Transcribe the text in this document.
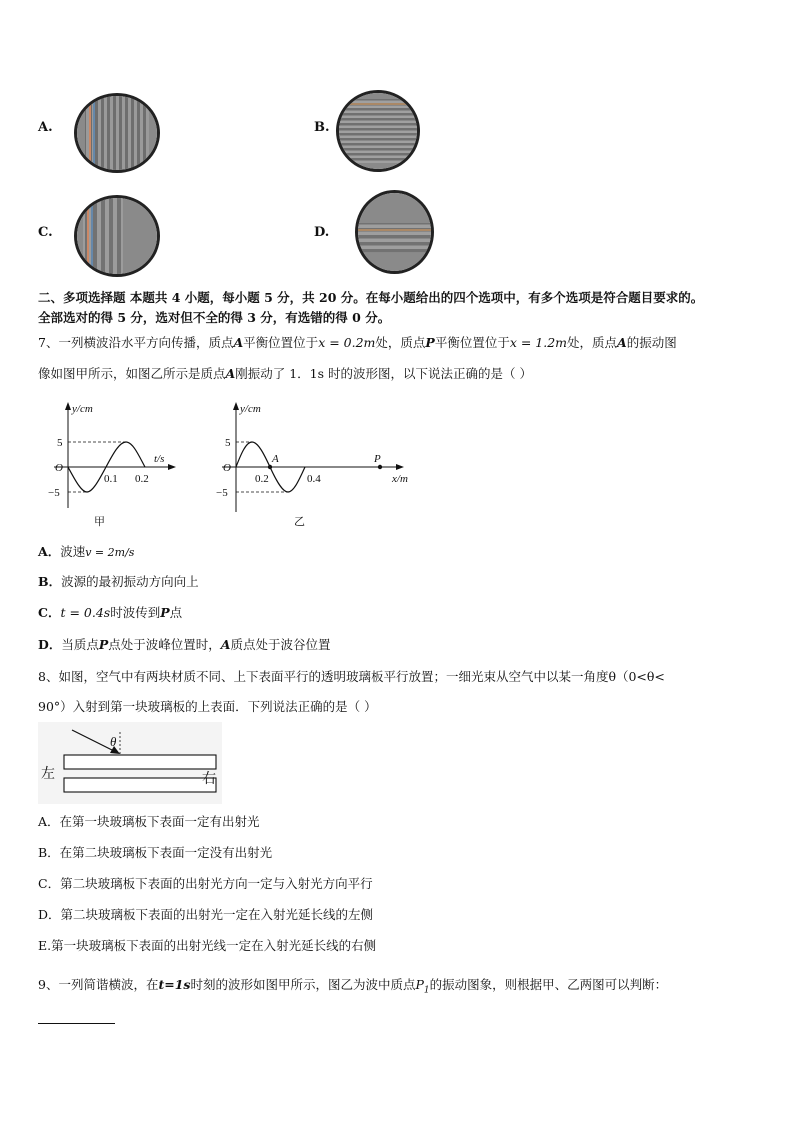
A.	B.
C.	D.
二、多项选择题 本题共 4 小题，每小题 5 分，共 20 分。在每小题给出的四个选项中，有多个选项是符合题目要求的。
全部选对的得 5 分，选对但不全的得 3 分，有选错的得 0 分。
7、一列横波沿水平方向传播，质点A平衡位置位于x = 0.2m处，质点P平衡位置位于x = 1.2m处，质点A的振动图
像如图甲所示，如图乙所示是质点A刚振动了 1．1s 时的波形图，以下说法正确的是（ ）
y/cm
t/s
O
5
−5
0.1 0.2
甲
y/cm
x/m
O
5
−5
0.2	0.4
A	P
乙
A．波速v = 2m/s
B．波源的最初振动方向向上
C．t = 0.4s时波传到P点
D．当质点P点处于波峰位置时，A质点处于波谷位置
8、如图，空气中有两块材质不同、上下表面平行的透明玻璃板平行放置；一细光束从空气中以某一角度θ（0<θ<
90°）入射到第一块玻璃板的上表面．下列说法正确的是（ ）
θ
左	右
A．在第一块玻璃板下表面一定有出射光
B．在第二块玻璃板下表面一定没有出射光
C．第二块玻璃板下表面的出射光方向一定与入射光方向平行
D．第二块玻璃板下表面的出射光一定在入射光延长线的左侧
E.第一块玻璃板下表面的出射光线一定在入射光延长线的右侧
9、一列简谐横波，在t=1s时刻的波形如图甲所示，图乙为波中质点$P_1$的振动图象，则根据甲、乙两图可以判断：
